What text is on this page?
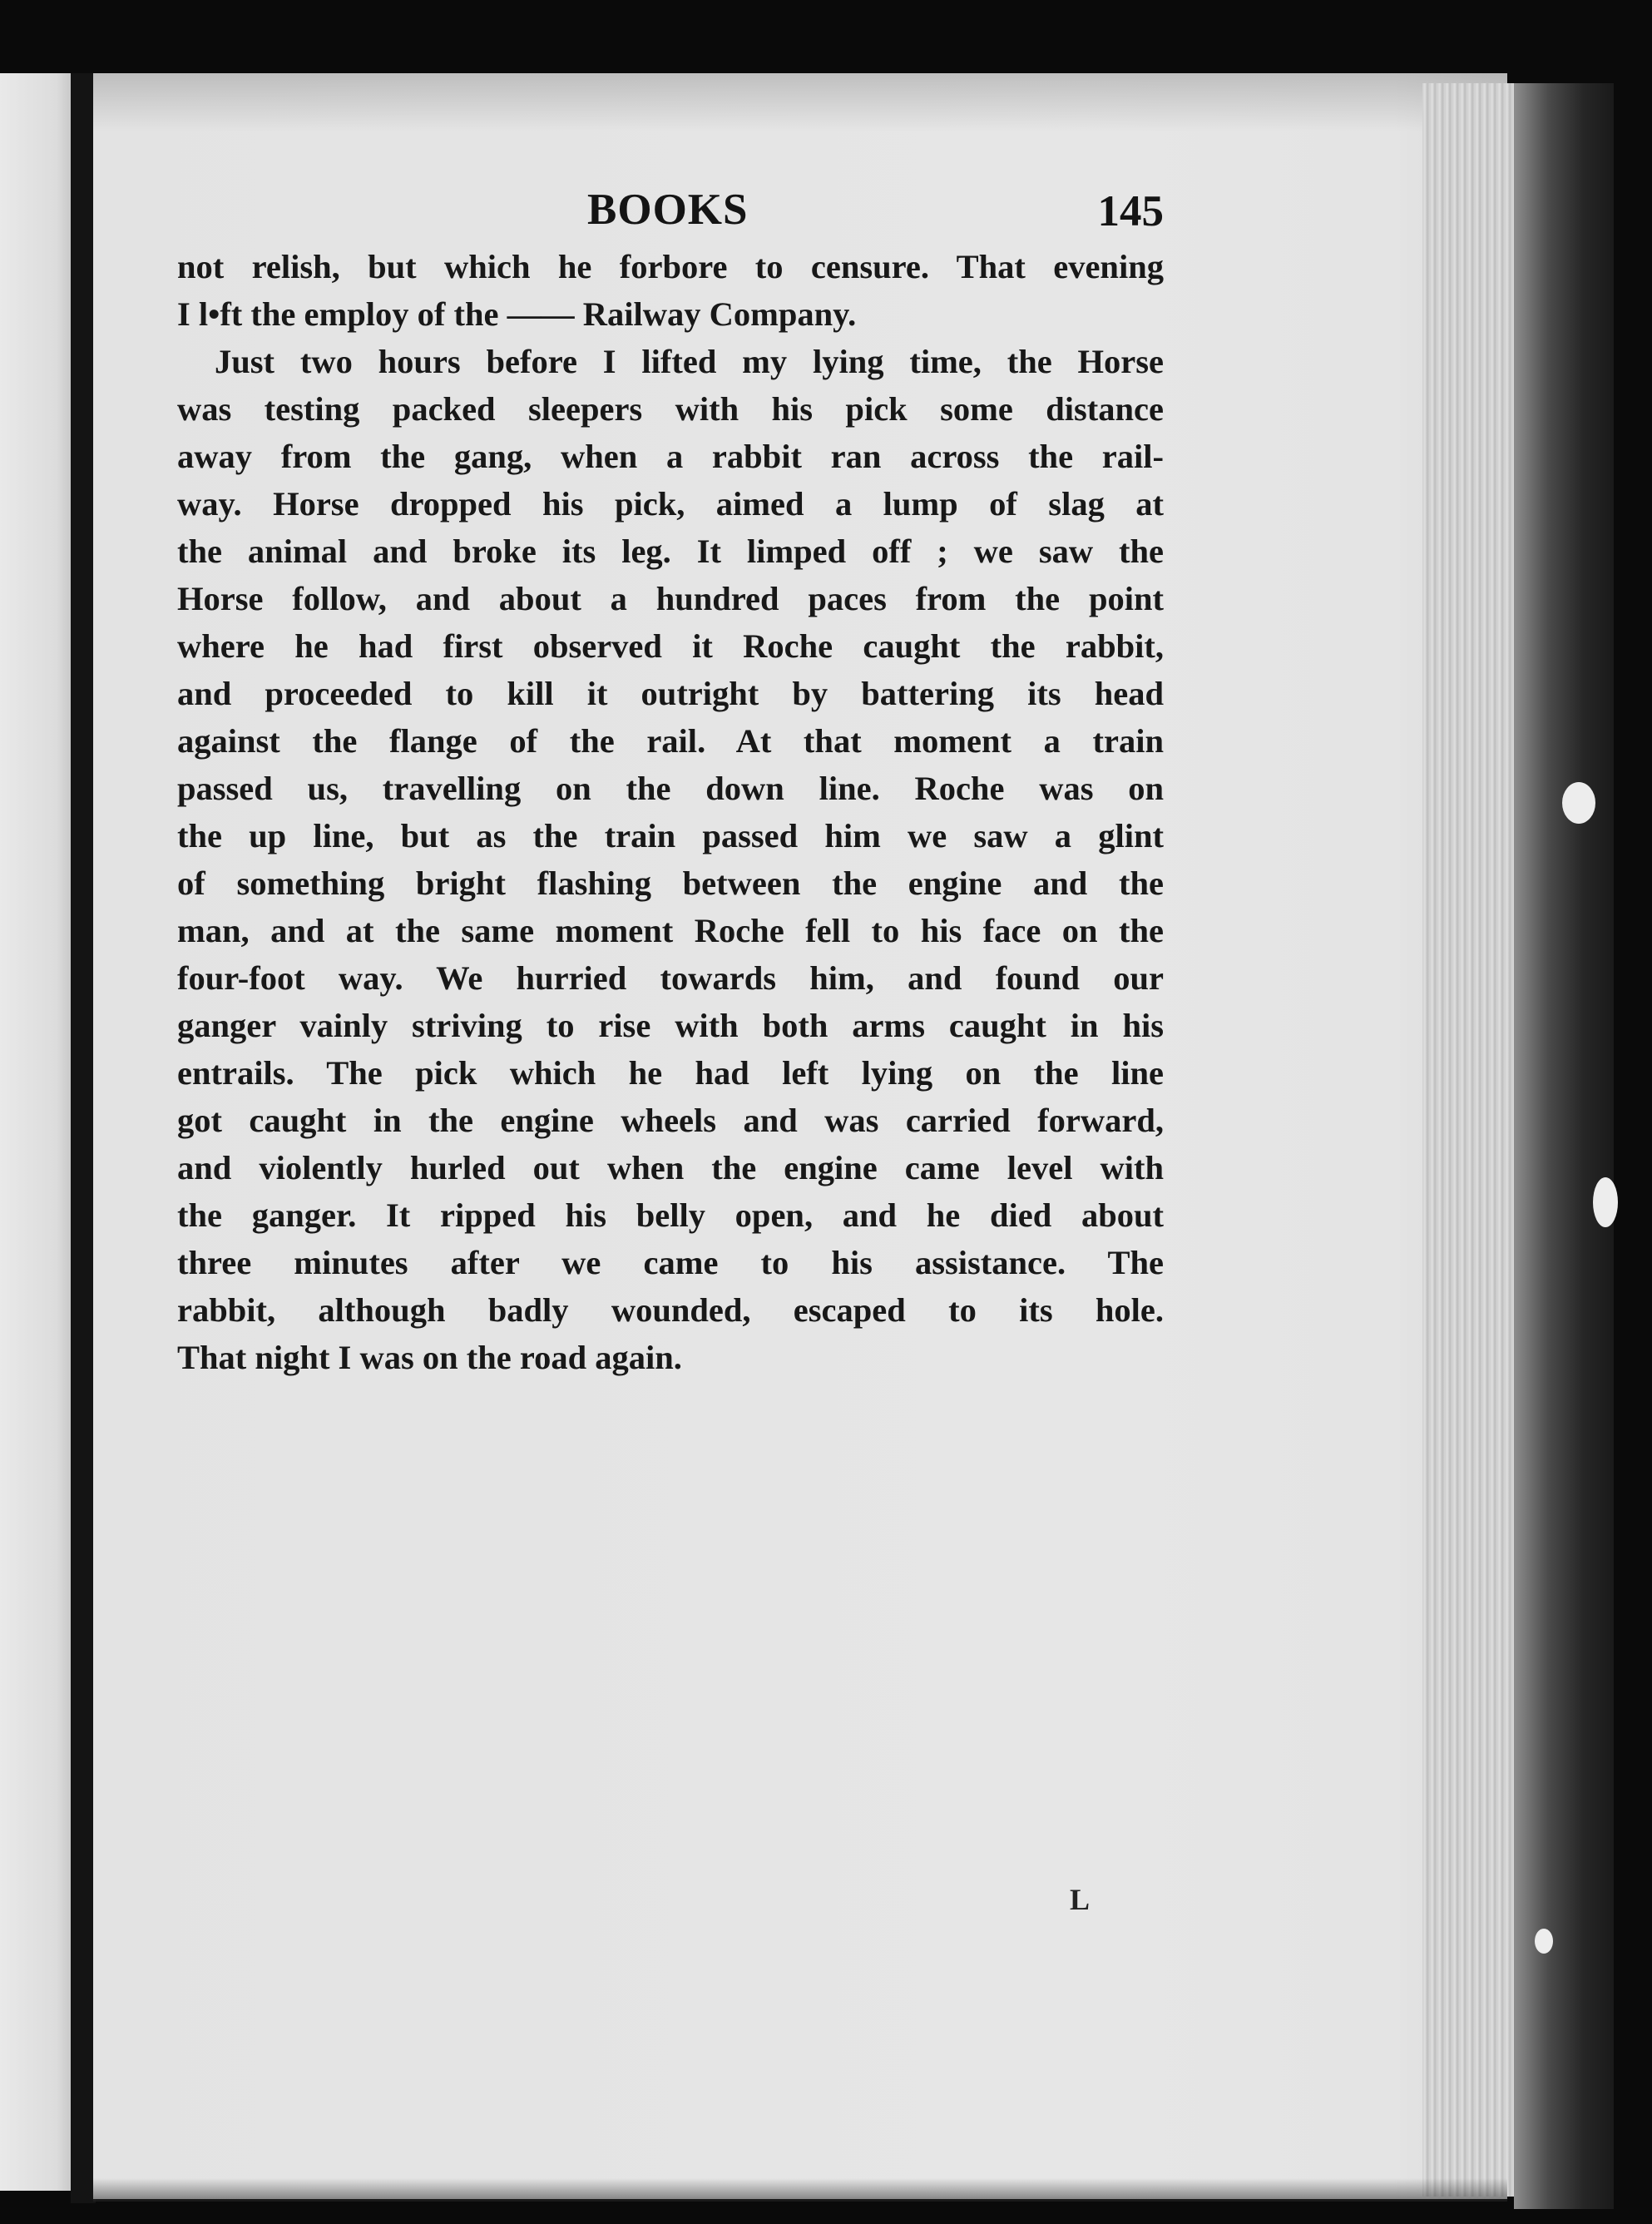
BOOKS	145

not relish, but which he forbore to censure. That evening
I l•ft the employ of the —— Railway Company.

Just two hours before I lifted my lying time, the Horse
was testing packed sleepers with his pick some distance
away from the gang, when a rabbit ran across the rail-
way. Horse dropped his pick, aimed a lump of slag at
the animal and broke its leg. It limped off ; we saw the
Horse follow, and about a hundred paces from the point
where he had first observed it Roche caught the rabbit,
and proceeded to kill it outright by battering its head
against the flange of the rail. At that moment a train
passed us, travelling on the down line. Roche was on
the up line, but as the train passed him we saw a glint
of something bright flashing between the engine and the
man, and at the same moment Roche fell to his face on the
four-foot way. We hurried towards him, and found our
ganger vainly striving to rise with both arms caught in his
entrails. The pick which he had left lying on the line
got caught in the engine wheels and was carried forward,
and violently hurled out when the engine came level with
the ganger. It ripped his belly open, and he died about
three minutes after we came to his assistance. The
rabbit, although badly wounded, escaped to its hole.
That night I was on the road again.

L
